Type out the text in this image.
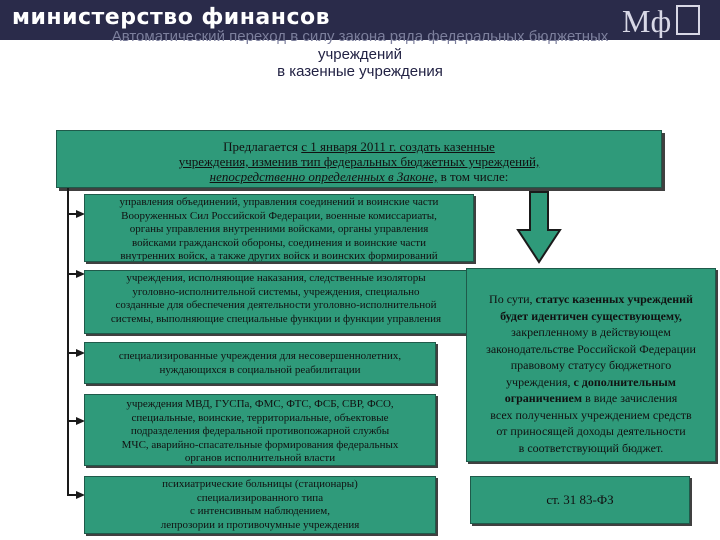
министерство финансов	Мф
Автоматический переход в силу закона ряда федеральных бюджетных
учреждений
в казенные учреждения
Предлагается с 1 января 2011 г. создать казенные
учреждения, изменив тип федеральных бюджетных учреждений,
непосредственно определенных в Законе, в том числе:
управления объединений, управления соединений и воинские части
Вооруженных Сил Российской Федерации, военные комиссариаты,
органы управления внутренними войсками, органы управления
войсками гражданской обороны, соединения и воинские части
внутренних войск, а также других войск и воинских формирований
учреждения, исполняющие наказания, следственные изоляторы
уголовно-исполнительной системы, учреждения, специально
созданные для обеспечения деятельности уголовно-исполнительной
системы, выполняющие специальные функции и функции управления
специализированные учреждения для несовершеннолетних,
нуждающихся в социальной реабилитации
учреждения МВД, ГУСПа, ФМС, ФТС, ФСБ, СВР, ФСО,
специальные, воинские, территориальные, объектовые
подразделения федеральной противопожарной службы
МЧС, аварийно-спасательные формирования федеральных
органов исполнительной власти
психиатрические больницы (стационары)
специализированного типа
с интенсивным наблюдением,
лепрозории и противочумные учреждения
По сути, статус казенных учреждений
будет идентичен существующему,
закрепленному в действующем
законодательстве Российской Федерации
правовому статусу бюджетного
учреждения, с дополнительным
ограничением в виде зачисления
всех полученных учреждением средств
от приносящей доходы деятельности
в соответствующий бюджет.
ст. 31 83-ФЗ
